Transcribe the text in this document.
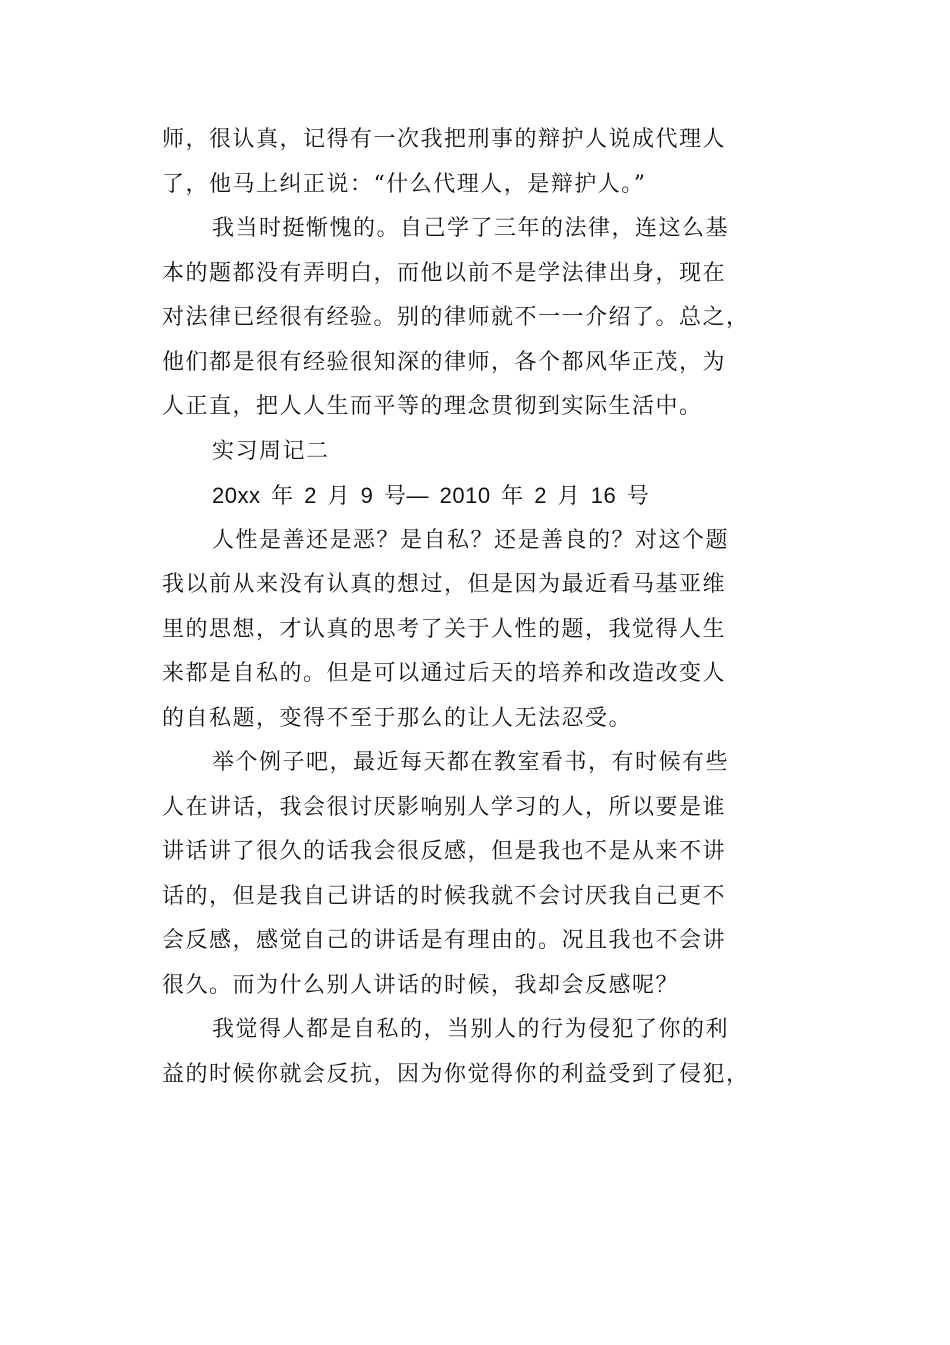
师，很认真，记得有一次我把刑事的辩护人说成代理人
了，他马上纠正说：“什么代理人，是辩护人。”
我当时挺惭愧的。自己学了三年的法律，连这么基
本的题都没有弄明白，而他以前不是学法律出身，现在
对法律已经很有经验。别的律师就不一一介绍了。总之，
他们都是很有经验很知深的律师，各个都风华正茂，为
人正直，把人人生而平等的理念贯彻到实际生活中。
实习周记二
20xx 年 2 月 9 号— 2010 年 2 月 16 号
人性是善还是恶？是自私？还是善良的？对这个题
我以前从来没有认真的想过，但是因为最近看马基亚维
里的思想，才认真的思考了关于人性的题，我觉得人生
来都是自私的。但是可以通过后天的培养和改造改变人
的自私题，变得不至于那么的让人无法忍受。
举个例子吧，最近每天都在教室看书，有时候有些
人在讲话，我会很讨厌影响别人学习的人，所以要是谁
讲话讲了很久的话我会很反感，但是我也不是从来不讲
话的，但是我自己讲话的时候我就不会讨厌我自己更不
会反感，感觉自己的讲话是有理由的。况且我也不会讲
很久。而为什么别人讲话的时候，我却会反感呢？
我觉得人都是自私的，当别人的行为侵犯了你的利
益的时候你就会反抗，因为你觉得你的利益受到了侵犯，
